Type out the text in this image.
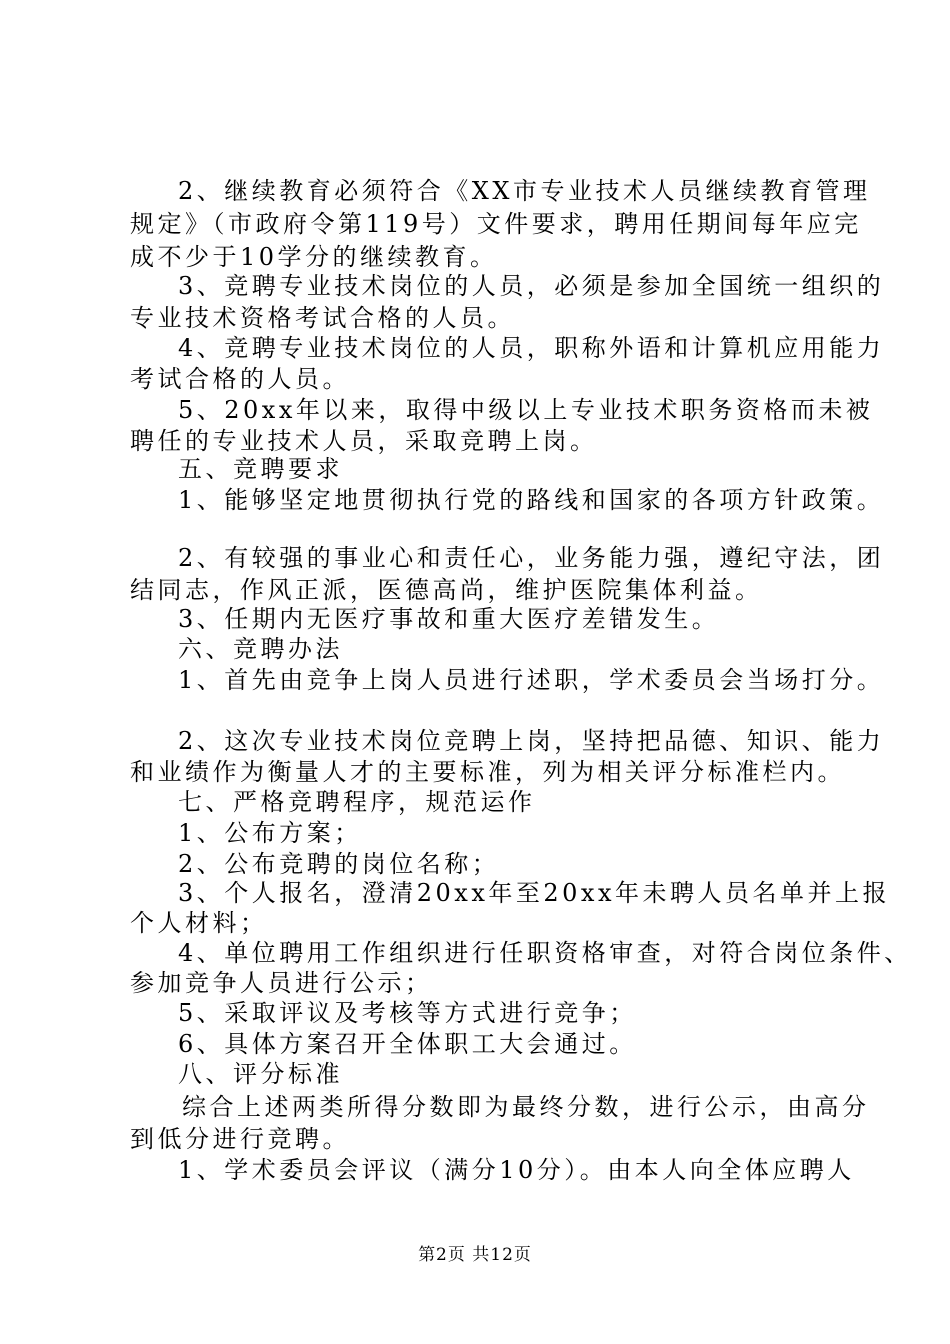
2、继续教育必须符合《XX市专业技术人员继续教育管理
规定》（市政府令第119号）文件要求，聘用任期间每年应完
成不少于10学分的继续教育。
3、竞聘专业技术岗位的人员，必须是参加全国统一组织的
专业技术资格考试合格的人员。
4、竞聘专业技术岗位的人员，职称外语和计算机应用能力
考试合格的人员。
5、20xx年以来，取得中级以上专业技术职务资格而未被
聘任的专业技术人员，采取竞聘上岗。
五、竞聘要求
1、能够坚定地贯彻执行党的路线和国家的各项方针政策。
2、有较强的事业心和责任心，业务能力强，遵纪守法，团
结同志，作风正派，医德高尚，维护医院集体利益。
3、任期内无医疗事故和重大医疗差错发生。
六、竞聘办法
1、首先由竞争上岗人员进行述职，学术委员会当场打分。
2、这次专业技术岗位竞聘上岗，坚持把品德、知识、能力
和业绩作为衡量人才的主要标准，列为相关评分标准栏内。
七、严格竞聘程序，规范运作
1、公布方案；
2、公布竞聘的岗位名称；
3、个人报名，澄清20xx年至20xx年未聘人员名单并上报
个人材料；
4、单位聘用工作组织进行任职资格审查，对符合岗位条件、
参加竞争人员进行公示；
5、采取评议及考核等方式进行竞争；
6、具体方案召开全体职工大会通过。
八、评分标准
综合上述两类所得分数即为最终分数，进行公示，由高分
到低分进行竞聘。
1、学术委员会评议（满分10分）。由本人向全体应聘人
第2页 共12页
